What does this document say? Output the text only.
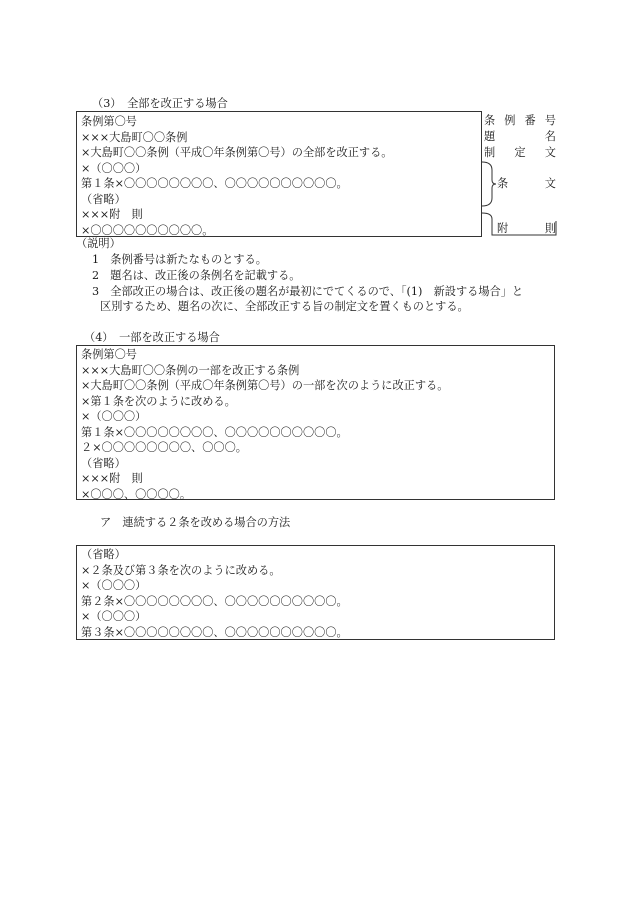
（3）　全部を改正する場合
条例第〇号
×××大島町〇〇条例
×大島町〇〇条例（平成〇年条例第〇号）の全部を改正する。
×（〇〇〇）
第１条×〇〇〇〇〇〇〇〇、〇〇〇〇〇〇〇〇〇〇。
（省略）
×××附　則
×〇〇〇〇〇〇〇〇〇〇。
条 例 番 号
題	名
制 定 文
条	文
附	則
（説明）
1　条例番号は新たなものとする。
2　題名は、改正後の条例名を記載する。
3　全部改正の場合は、改正後の題名が最初にでてくるので、「(1)　新設する場合」と
区別するため、題名の次に、全部改正する旨の制定文を置くものとする。
（4）　一部を改正する場合
条例第〇号
×××大島町〇〇条例の一部を改正する条例
×大島町〇〇条例（平成〇年条例第〇号）の一部を次のように改正する。
×第１条を次のように改める。
×（〇〇〇）
第１条×〇〇〇〇〇〇〇〇、〇〇〇〇〇〇〇〇〇〇。
２×〇〇〇〇〇〇〇〇、〇〇〇。
（省略）
×××附　則
×〇〇〇、〇〇〇〇。
ア　連続する２条を改める場合の方法
（省略）
×２条及び第３条を次のように改める。
×（〇〇〇）
第２条×〇〇〇〇〇〇〇〇、〇〇〇〇〇〇〇〇〇〇。
×（〇〇〇）
第３条×〇〇〇〇〇〇〇〇、〇〇〇〇〇〇〇〇〇〇。
